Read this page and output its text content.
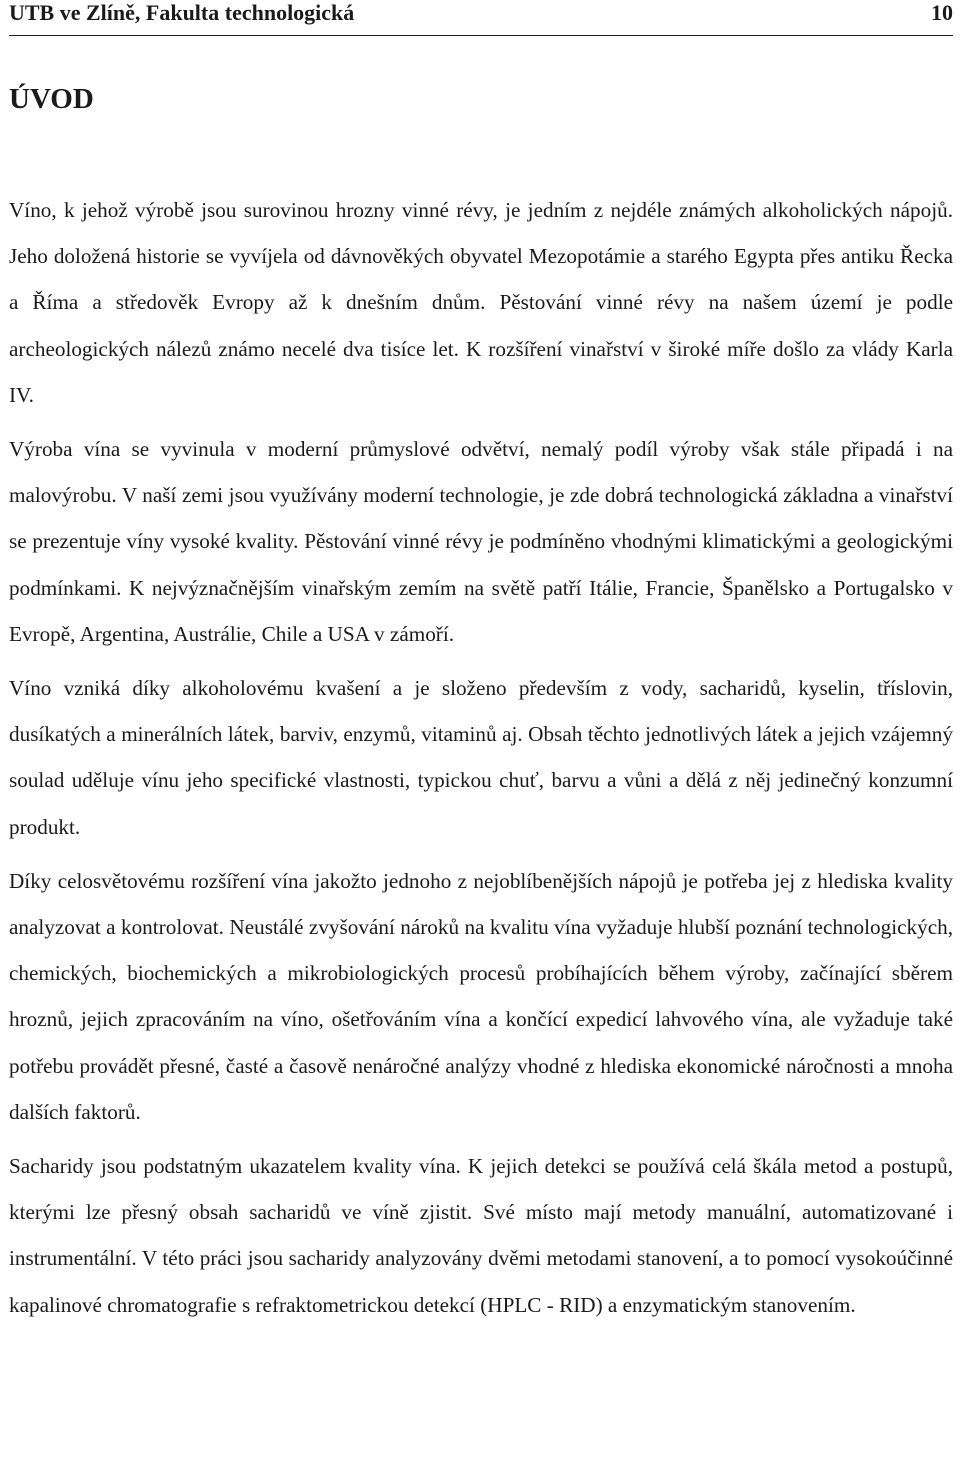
UTB ve Zlíně, Fakulta technologická	10
ÚVOD

Víno, k jehož výrobě jsou surovinou hrozny vinné révy, je jedním z nejdéle známých alkoholických nápojů. Jeho doložená historie se vyvíjela od dávnověkých obyvatel Mezopotámie a starého Egypta přes antiku Řecka a Říma a středověk Evropy až k dnešním dnům. Pěstování vinné révy na našem území je podle archeologických nálezů známo necelé dva tisíce let. K rozšíření vinařství v široké míře došlo za vlády Karla IV.

Výroba vína se vyvinula v moderní průmyslové odvětví, nemalý podíl výroby však stále připadá i na malovýrobu. V naší zemi jsou využívány moderní technologie, je zde dobrá technologická základna a vinařství se prezentuje víny vysoké kvality. Pěstování vinné révy je podmíněno vhodnými klimatickými a geologickými podmínkami. K nejvýznačnějším vinařským zemím na světě patří Itálie, Francie, Španělsko a Portugalsko v Evropě, Argentina, Austrálie, Chile a USA v zámoří.

Víno vzniká díky alkoholovému kvašení a je složeno především z vody, sacharidů, kyselin, tříslovin, dusíkatých a minerálních látek, barviv, enzymů, vitaminů aj. Obsah těchto jednotlivých látek a jejich vzájemný soulad uděluje vínu jeho specifické vlastnosti, typickou chuť, barvu a vůni a dělá z něj jedinečný konzumní produkt.

Díky celosvětovému rozšíření vína jakožto jednoho z nejoblíbenějších nápojů je potřeba jej z hlediska kvality analyzovat a kontrolovat. Neustálé zvyšování nároků na kvalitu vína vyžaduje hlubší poznání technologických, chemických, biochemických a mikrobiologických procesů probíhajících během výroby, začínající sběrem hroznů, jejich zpracováním na víno, ošetřováním vína a končící expedicí lahvového vína, ale vyžaduje také potřebu provádět přesné, časté a časově nenáročné analýzy vhodné z hlediska ekonomické náročnosti a mnoha dalších faktorů.

Sacharidy jsou podstatným ukazatelem kvality vína. K jejich detekci se používá celá škála metod a postupů, kterými lze přesný obsah sacharidů ve víně zjistit. Své místo mají metody manuální, automatizované i instrumentální. V této práci jsou sacharidy analyzovány dvěmi metodami stanovení, a to pomocí vysokoúčinné kapalinové chromatografie s refraktometrickou detekcí (HPLC - RID) a enzymatickým stanovením.
